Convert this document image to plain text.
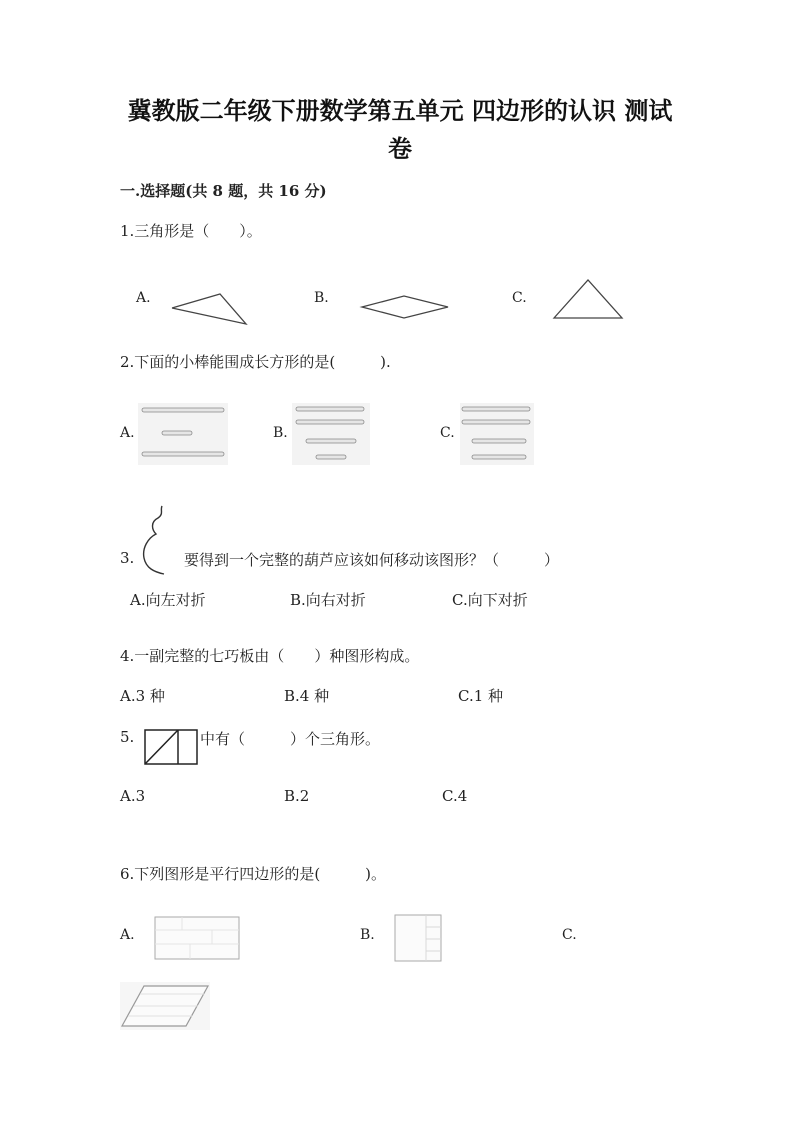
冀教版二年级下册数学第五单元 四边形的认识 测试卷
一.选择题(共 8 题，共 16 分)
1.三角形是（　　）。
A.	B.	C.
2.下面的小棒能围成长方形的是(　　　).
A.	B.	C.
3.	要得到一个完整的葫芦应该如何移动该图形？（　　　）
A.向左对折	B.向右对折	C.向下对折
4.一副完整的七巧板由（　　）种图形构成。
A.3 种	B.4 种	C.1 种
5.	中有（　　　）个三角形。
A.3	B.2	C.4
6.下列图形是平行四边形的是(　　　)。
A.	B.	C.
